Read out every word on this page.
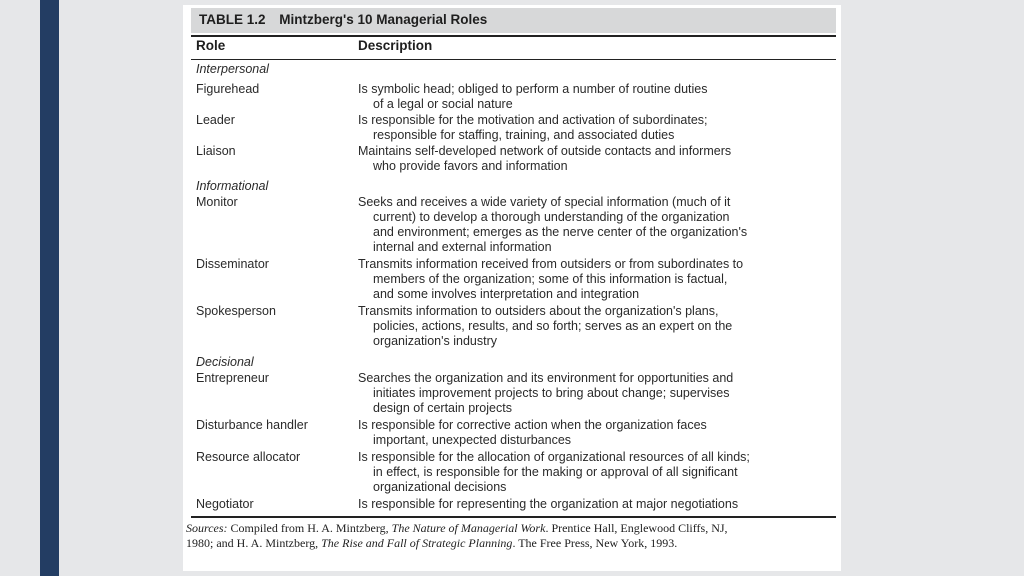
TABLE 1.2 Mintzberg's 10 Managerial Roles
Role	Description
Interpersonal
Figurehead	Is symbolic head; obliged to perform a number of routine duties
of a legal or social nature
Leader	Is responsible for the motivation and activation of subordinates;
responsible for staffing, training, and associated duties
Liaison	Maintains self-developed network of outside contacts and informers
who provide favors and information
Informational
Monitor	Seeks and receives a wide variety of special information (much of it
current) to develop a thorough understanding of the organization
and environment; emerges as the nerve center of the organization's
internal and external information
Disseminator	Transmits information received from outsiders or from subordinates to
members of the organization; some of this information is factual,
and some involves interpretation and integration
Spokesperson	Transmits information to outsiders about the organization's plans,
policies, actions, results, and so forth; serves as an expert on the
organization's industry
Decisional
Entrepreneur	Searches the organization and its environment for opportunities and
initiates improvement projects to bring about change; supervises
design of certain projects
Disturbance handler	Is responsible for corrective action when the organization faces
important, unexpected disturbances
Resource allocator	Is responsible for the allocation of organizational resources of all kinds;
in effect, is responsible for the making or approval of all significant
organizational decisions
Negotiator	Is responsible for representing the organization at major negotiations
Sources: Compiled from H. A. Mintzberg, The Nature of Managerial Work. Prentice Hall, Englewood Cliffs, NJ,
1980; and H. A. Mintzberg, The Rise and Fall of Strategic Planning. The Free Press, New York, 1993.
